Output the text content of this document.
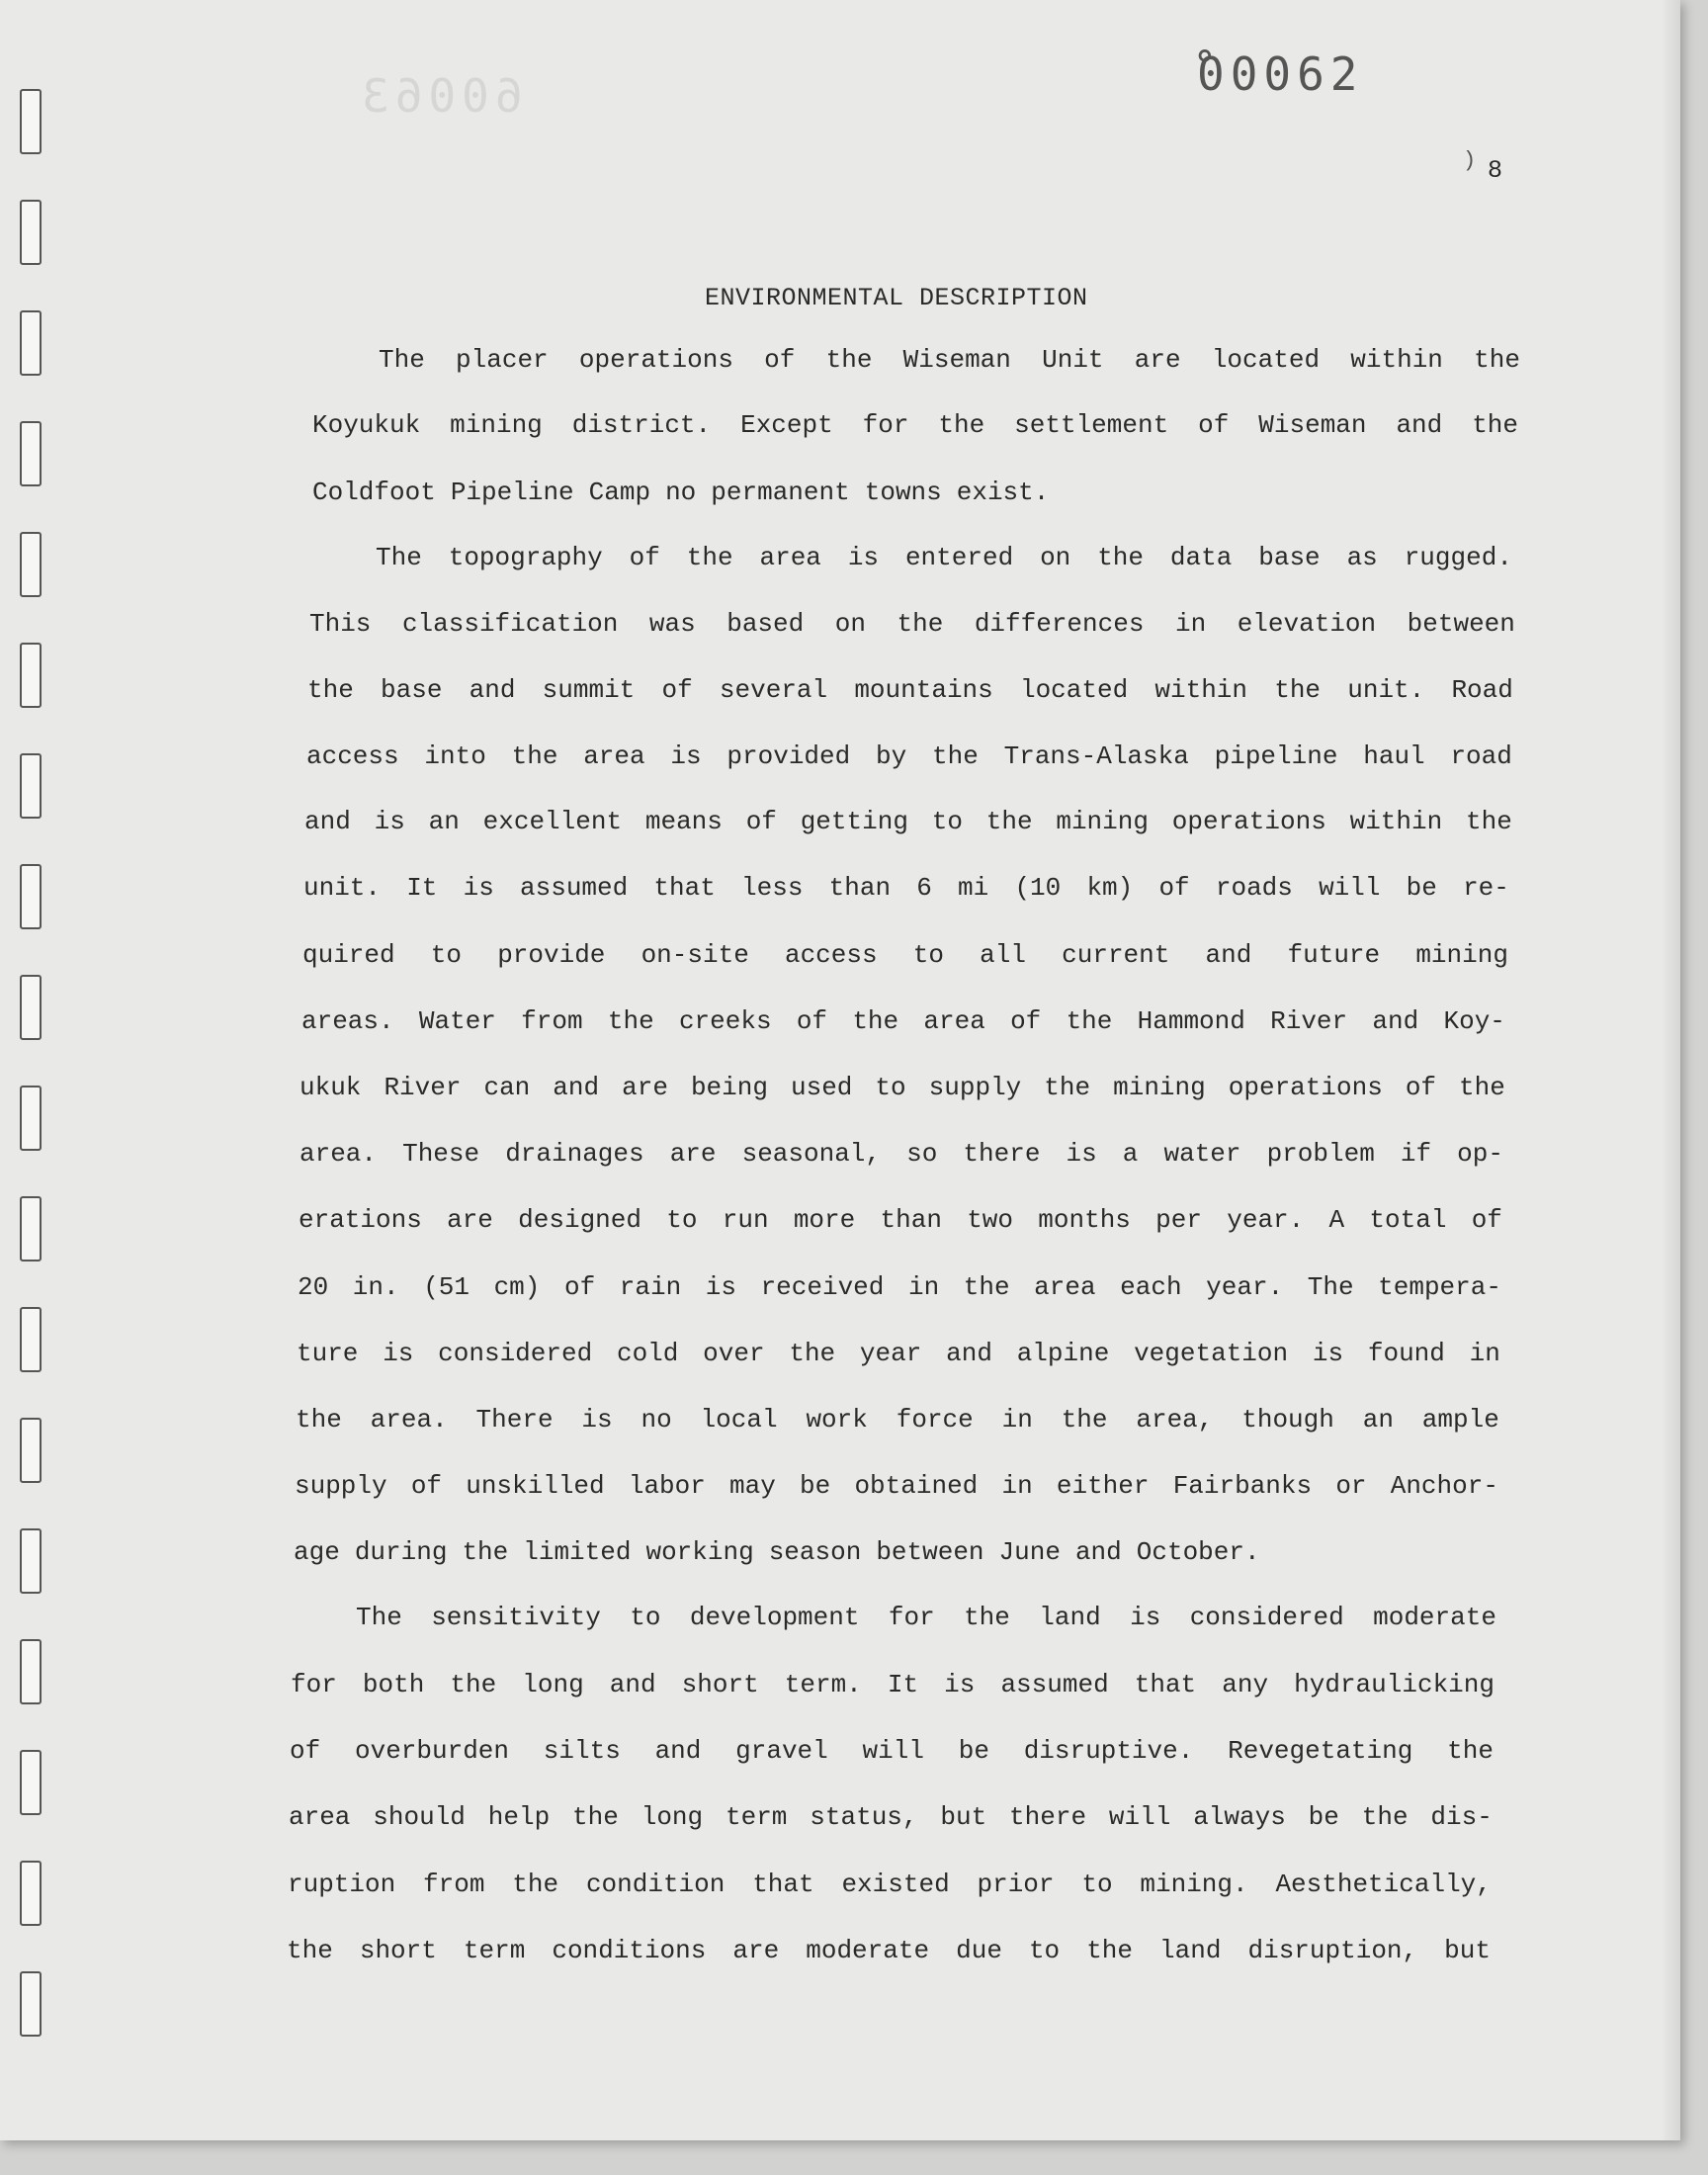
60063	̊00062
) 8
ENVIRONMENTAL DESCRIPTION
The placer operations of the Wiseman Unit are located within the
Koyukuk mining district. Except for the settlement of Wiseman and the
Coldfoot Pipeline Camp no permanent towns exist.
The topography of the area is entered on the data base as rugged.
This classification was based on the differences in elevation between
the base and summit of several mountains located within the unit. Road
access into the area is provided by the Trans-Alaska pipeline haul road
and is an excellent means of getting to the mining operations within the
unit. It is assumed that less than 6 mi (10 km) of roads will be re-
quired to provide on-site access to all current and future mining
areas. Water from the creeks of the area of the Hammond River and Koy-
ukuk River can and are being used to supply the mining operations of the
area. These drainages are seasonal, so there is a water problem if op-
erations are designed to run more than two months per year. A total of
20 in. (51 cm) of rain is received in the area each year. The tempera-
ture is considered cold over the year and alpine vegetation is found in
the area. There is no local work force in the area, though an ample
supply of unskilled labor may be obtained in either Fairbanks or Anchor-
age during the limited working season between June and October.
The sensitivity to development for the land is considered moderate
for both the long and short term. It is assumed that any hydraulicking
of overburden silts and gravel will be disruptive. Revegetating the
area should help the long term status, but there will always be the dis-
ruption from the condition that existed prior to mining. Aesthetically,
the short term conditions are moderate due to the land disruption, but
